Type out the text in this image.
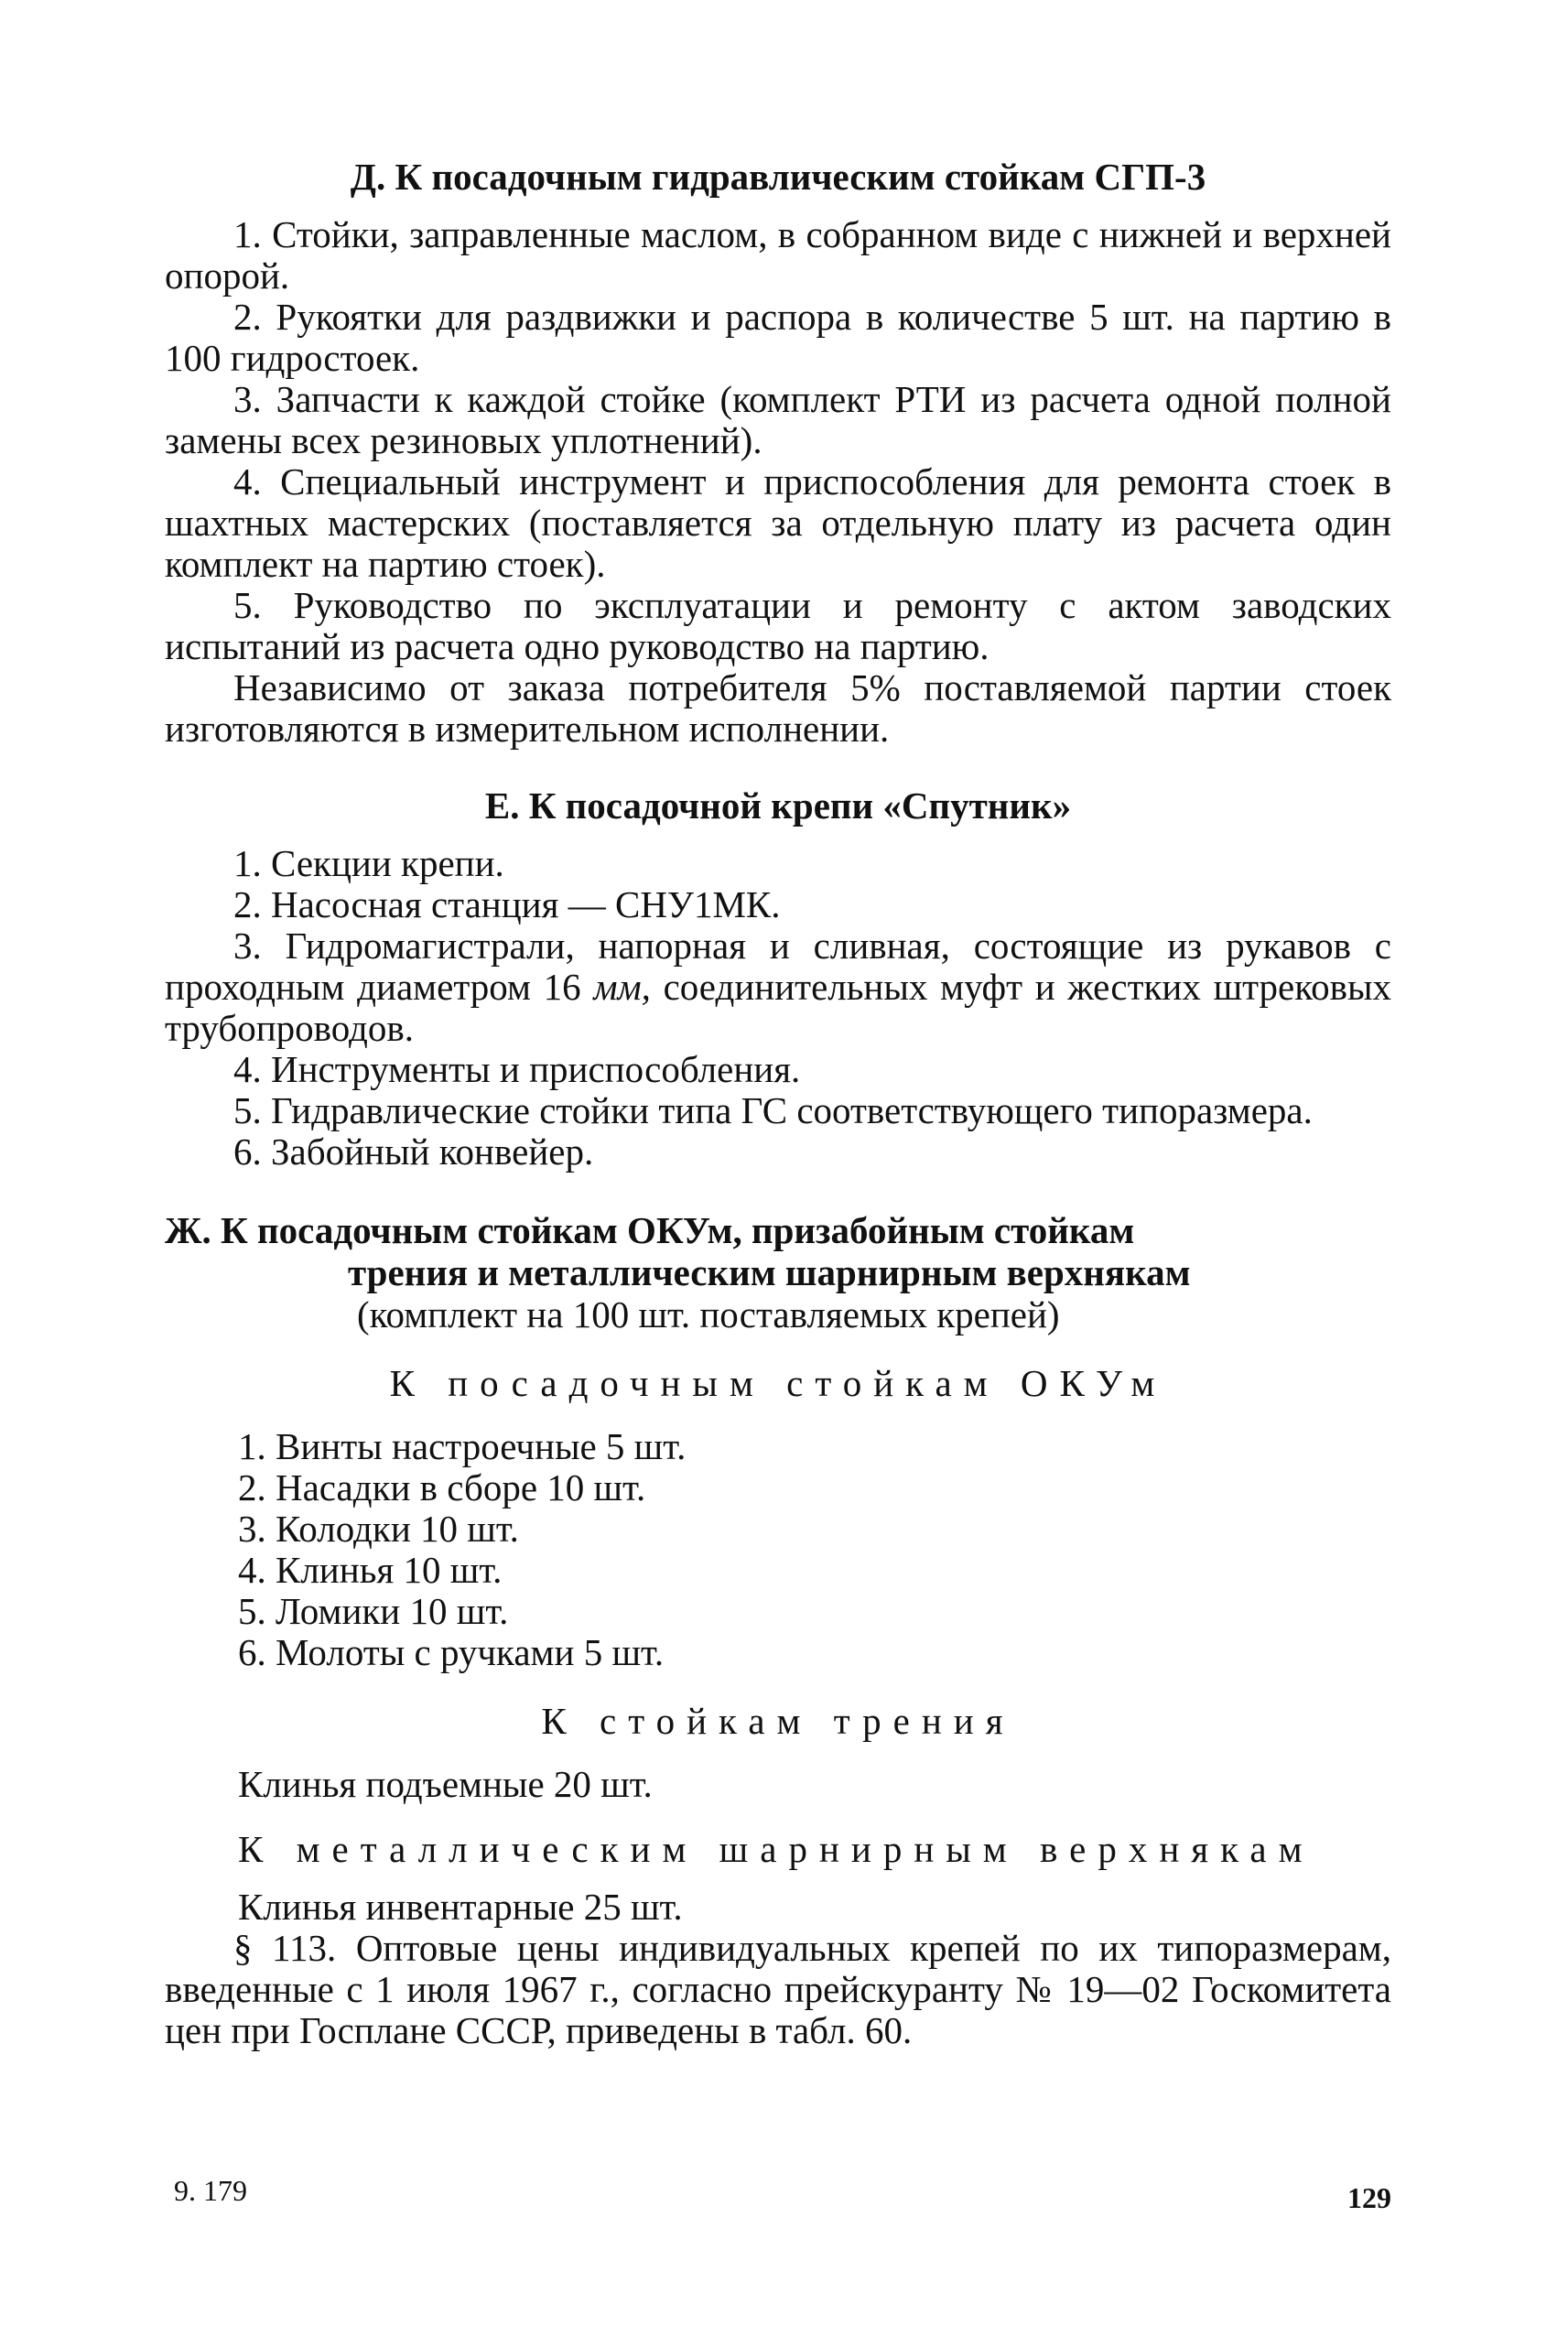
Д. К посадочным гидравлическим стойкам СГП-3

1. Стойки, заправленные маслом, в собранном виде с нижней и верхней опорой.

2. Рукоятки для раздвижки и распора в количестве 5 шт. на партию в 100 гидростоек.

3. Запчасти к каждой стойке (комплект РТИ из расчета одной полной замены всех резиновых уплотнений).

4. Специальный инструмент и приспособления для ремонта стоек в шахтных мастерских (поставляется за отдельную плату из расчета один комплект на партию стоек).

5. Руководство по эксплуатации и ремонту с актом заводских испытаний из расчета одно руководство на партию.

Независимо от заказа потребителя 5% поставляемой партии стоек изготовляются в измерительном исполнении.

Е. К посадочной крепи «Спутник»

1. Секции крепи.

2. Насосная станция — СНУ1МК.

3. Гидромагистрали, напорная и сливная, состоящие из рукавов с проходным диаметром 16 мм, соединительных муфт и жестких штрековых трубопроводов.

4. Инструменты и приспособления.

5. Гидравлические стойки типа ГС соответствующего типоразмера.

6. Забойный конвейер.

Ж. К посадочным стойкам ОКУм, призабойным стойкам
трения и металлическим шарнирным верхнякам
(комплект на 100 шт. поставляемых крепей)

К посадочным стойкам ОКУм

1. Винты настроечные 5 шт.

2. Насадки в сборе 10 шт.

3. Колодки 10 шт.

4. Клинья 10 шт.

5. Ломики 10 шт.

6. Молоты с ручками 5 шт.

К стойкам трения

Клинья подъемные 20 шт.

К металлическим шарнирным верхнякам

Клинья инвентарные 25 шт.

§ 113. Оптовые цены индивидуальных крепей по их типоразмерам, введенные с 1 июля 1967 г., согласно прейскуранту № 19—02 Госкомитета цен при Госплане СССР, приведены в табл. 60.

9. 179	129
